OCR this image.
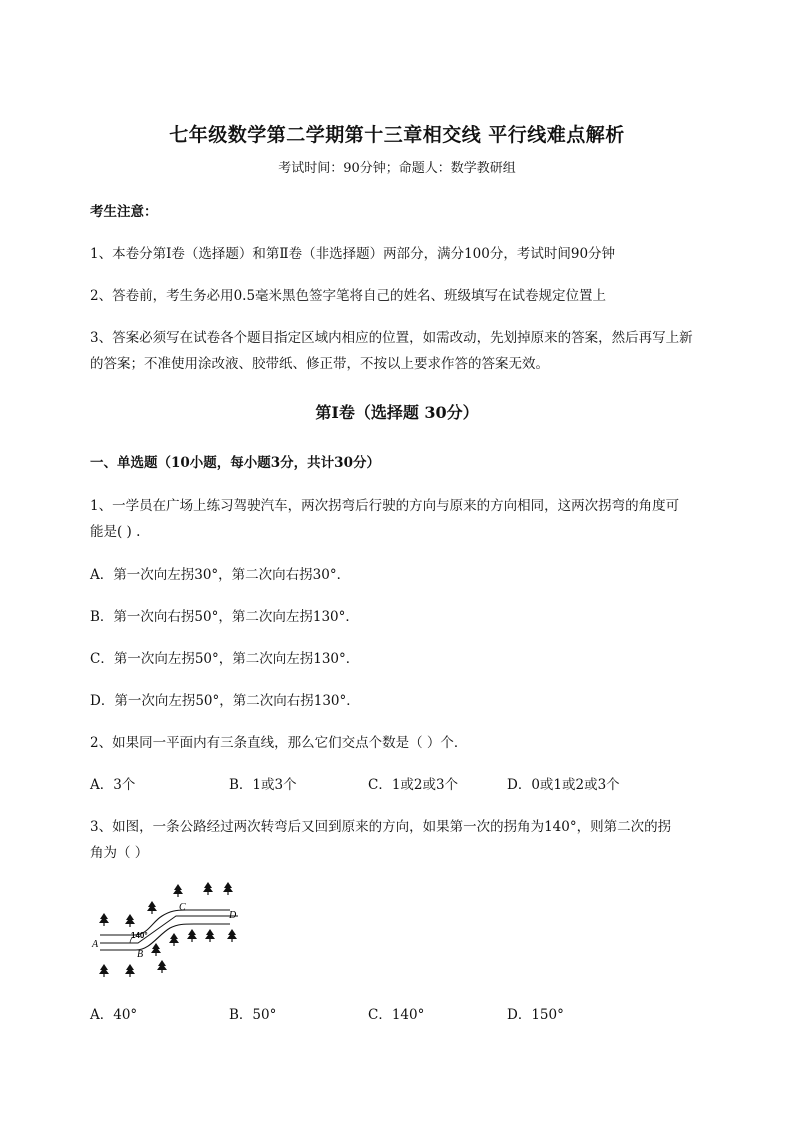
七年级数学第二学期第十三章相交线 平行线难点解析
考试时间：90分钟；命题人：数学教研组
考生注意：
1、本卷分第I卷（选择题）和第Ⅱ卷（非选择题）两部分，满分100分，考试时间90分钟
2、答卷前，考生务必用0.5毫米黑色签字笔将自己的姓名、班级填写在试卷规定位置上
3、答案必须写在试卷各个题目指定区域内相应的位置，如需改动，先划掉原来的答案，然后再写上新
的答案；不准使用涂改液、胶带纸、修正带，不按以上要求作答的答案无效。
第I卷（选择题 30分）
一、单选题（10小题，每小题3分，共计30分）
1、一学员在广场上练习驾驶汽车，两次拐弯后行驶的方向与原来的方向相同，这两次拐弯的角度可
能是( ) .
A．第一次向左拐30°，第二次向右拐30°．
B．第一次向右拐50°，第二次向左拐130°．
C．第一次向左拐50°，第二次向左拐130°．
D．第一次向左拐50°，第二次向右拐130°．
2、如果同一平面内有三条直线，那么它们交点个数是（ ）个．
A．3个	B．1或3个	C．1或2或3个	D．0或1或2或3个
3、如图，一条公路经过两次转弯后又回到原来的方向，如果第一次的拐角为140°，则第二次的拐
角为（ ）
A
B
C
D
140°
A．40°	B．50°	C．140°	D．150°
